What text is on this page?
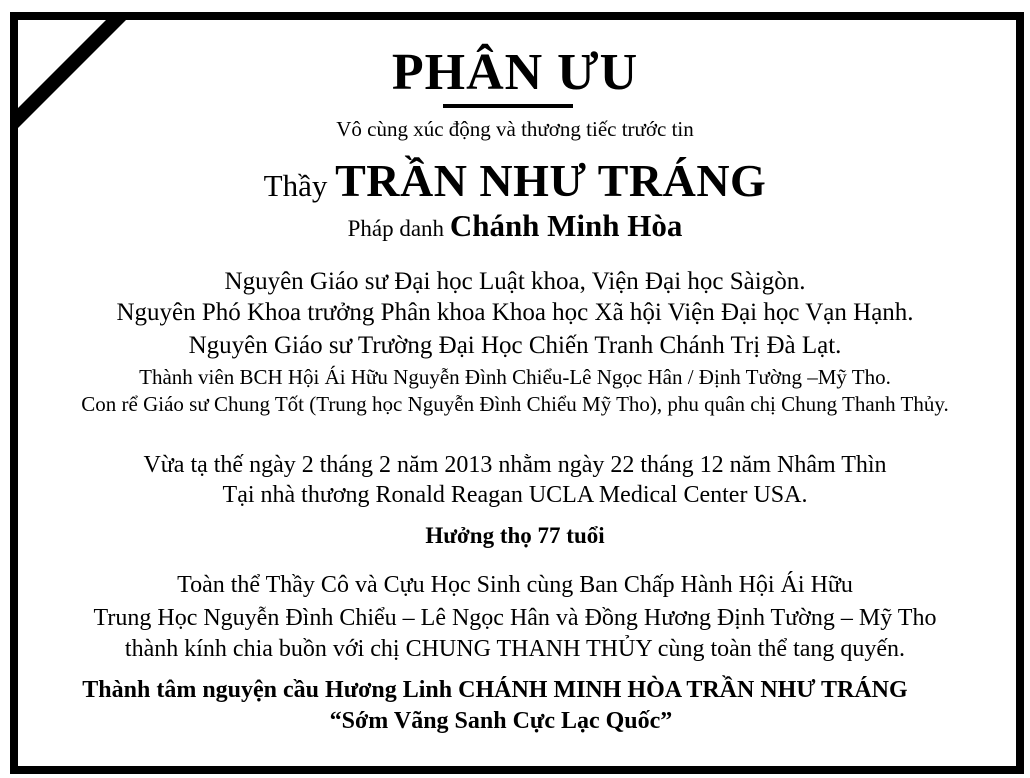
PHÂN ƯU
Vô cùng xúc động và thương tiếc trước tin
Thầy TRẦN NHƯ TRÁNG
Pháp danh Chánh Minh Hòa
Nguyên Giáo sư Đại học Luật khoa, Viện Đại học Sàigòn.
Nguyên Phó Khoa trưởng Phân khoa Khoa học Xã hội Viện Đại học Vạn Hạnh.
Nguyên Giáo sư Trường Đại Học Chiến Tranh Chánh Trị Đà Lạt.
Thành viên BCH Hội Ái Hữu Nguyễn Đình Chiểu-Lê Ngọc Hân / Định Tường –Mỹ Tho.
Con rể Giáo sư Chung Tốt (Trung học Nguyễn Đình Chiểu Mỹ Tho), phu quân chị Chung Thanh Thủy.
Vừa tạ thế ngày 2 tháng 2 năm 2013 nhằm ngày 22 tháng 12 năm Nhâm Thìn
Tại nhà thương Ronald Reagan UCLA Medical Center USA.
Hưởng thọ 77 tuổi
Toàn thể Thầy Cô và Cựu Học Sinh cùng Ban Chấp Hành Hội Ái Hữu
Trung Học Nguyễn Đình Chiểu – Lê Ngọc Hân và Đồng Hương Định Tường – Mỹ Tho
thành kính chia buồn với chị CHUNG THANH THỦY cùng toàn thể tang quyến.
Thành tâm nguyện cầu Hương Linh CHÁNH MINH HÒA TRẦN NHƯ TRÁNG
“Sớm Vãng Sanh Cực Lạc Quốc”
